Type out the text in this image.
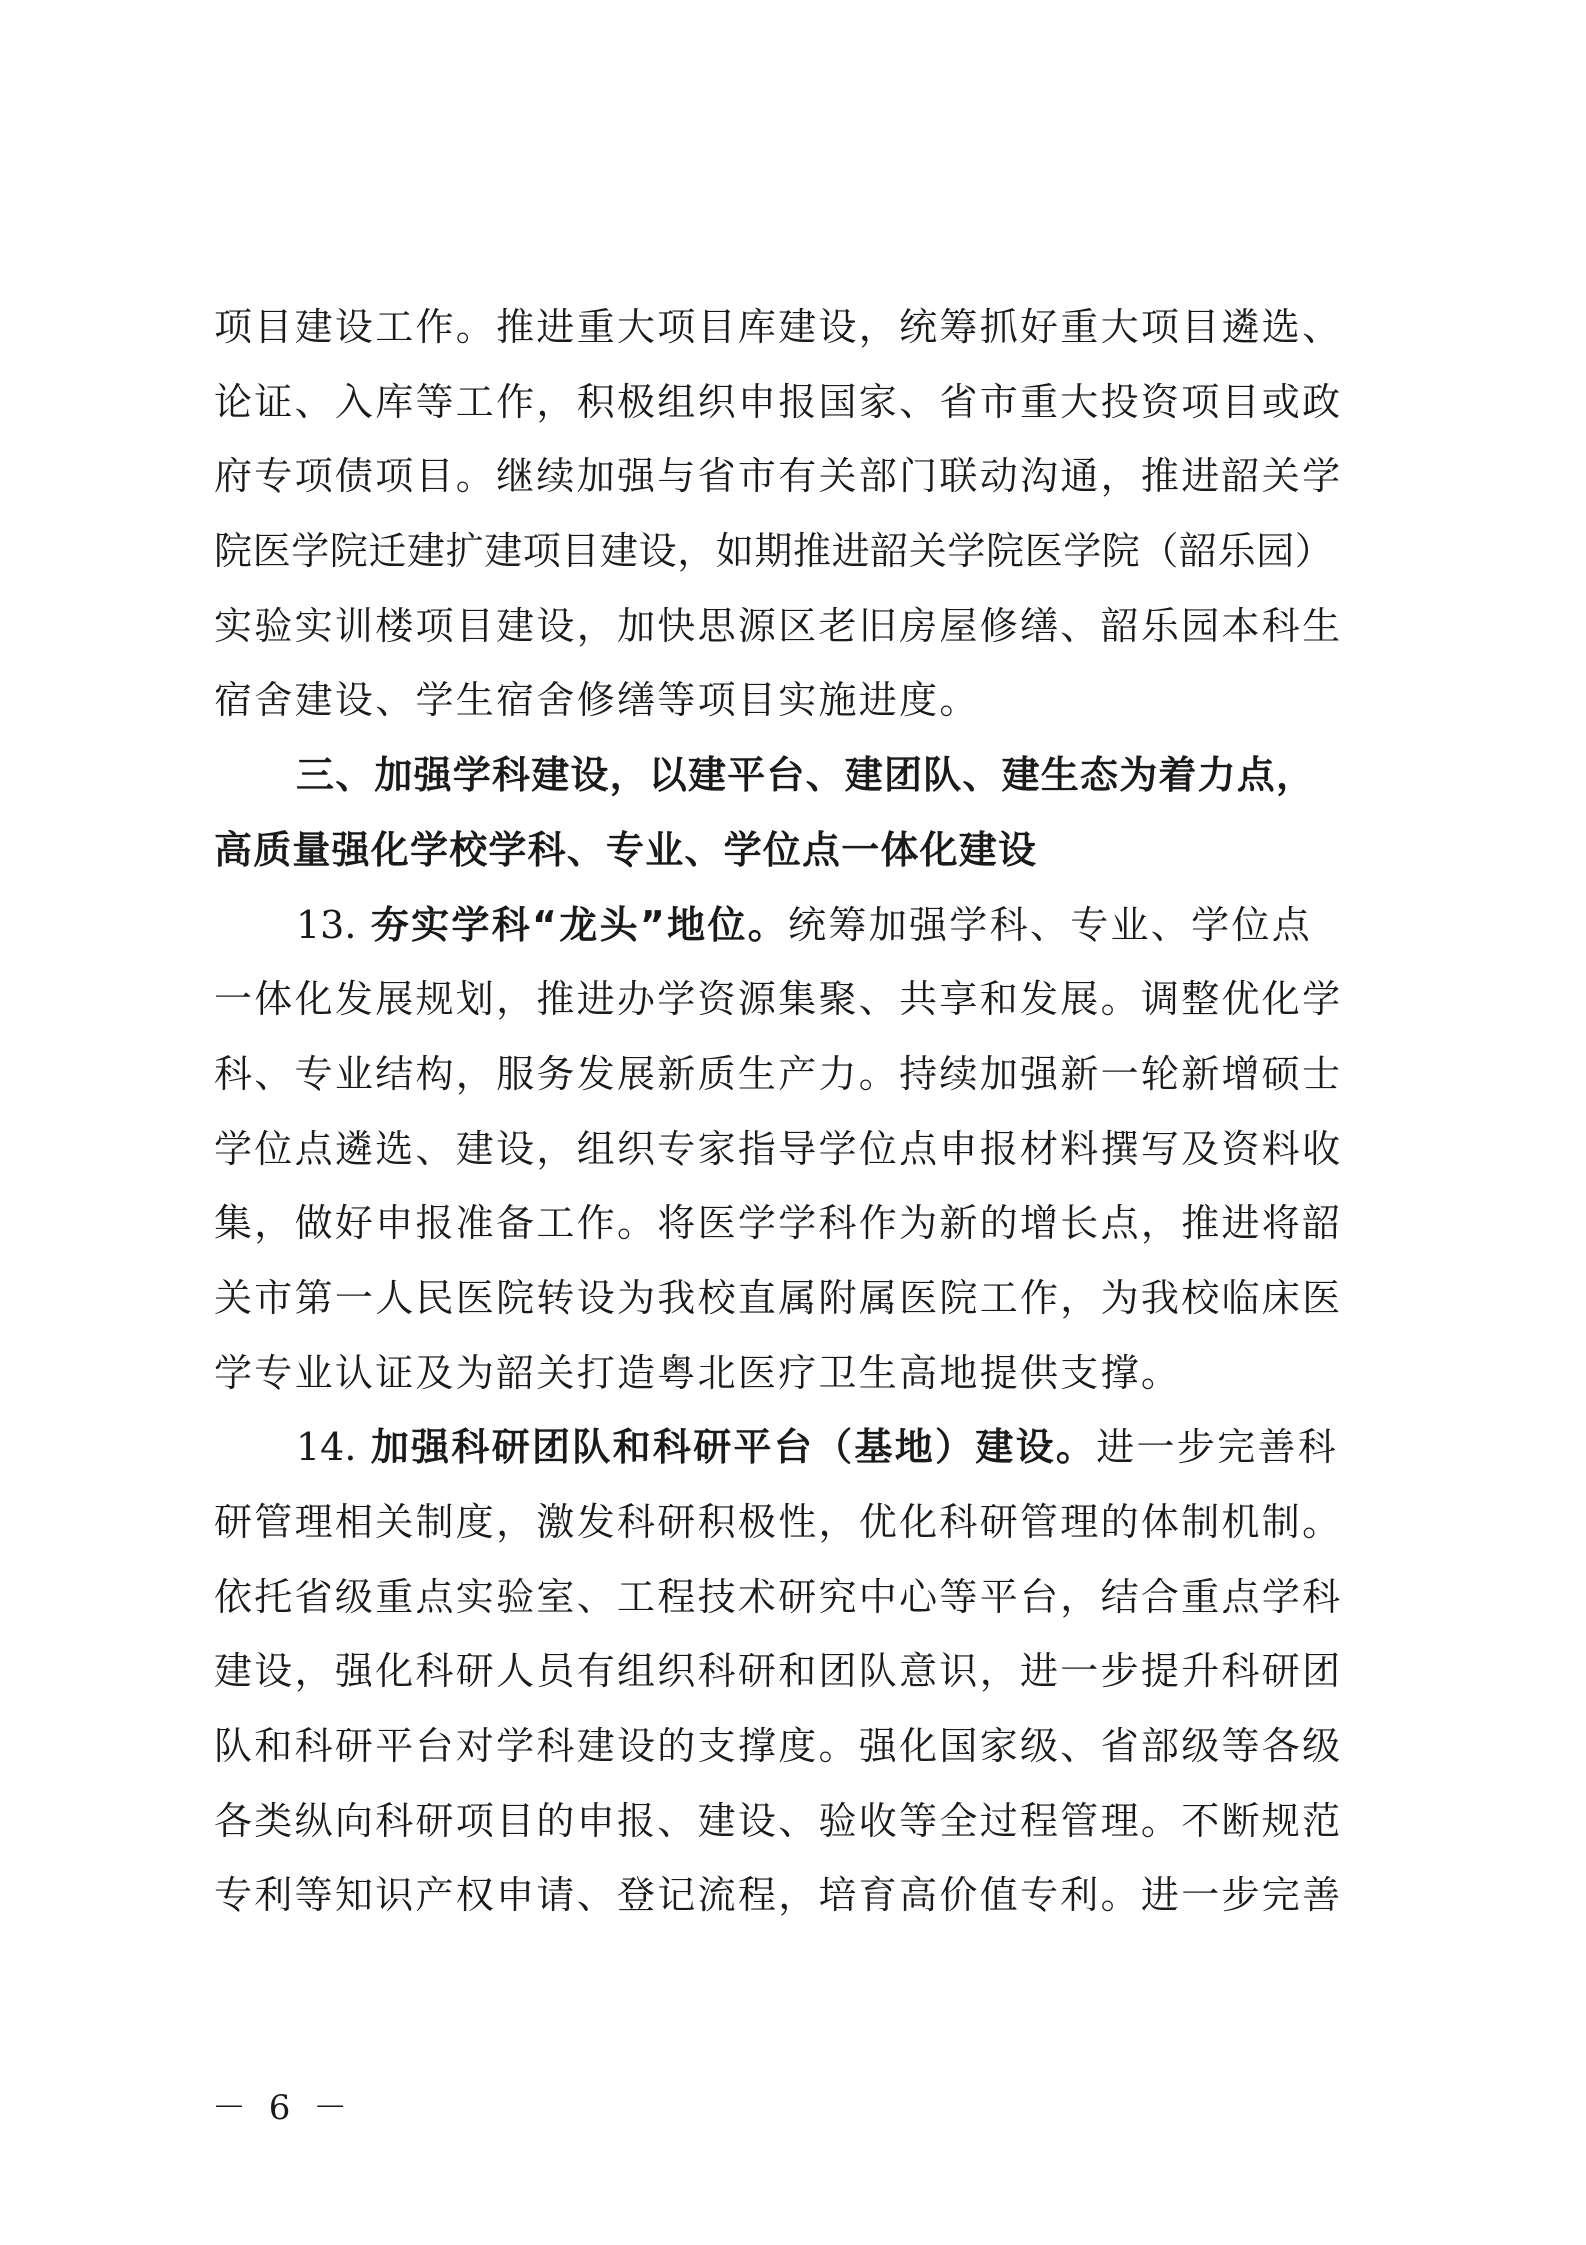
项目建设工作。推进重大项目库建设，统筹抓好重大项目遴选、
论证、入库等工作，积极组织申报国家、省市重大投资项目或政
府专项债项目。继续加强与省市有关部门联动沟通，推进韶关学
院医学院迁建扩建项目建设，如期推进韶关学院医学院（韶乐园）
实验实训楼项目建设，加快思源区老旧房屋修缮、韶乐园本科生
宿舍建设、学生宿舍修缮等项目实施进度。
三、加强学科建设，以建平台、建团队、建生态为着力点，
高质量强化学校学科、专业、学位点一体化建设
13. 夯实学科“龙头”地位。统筹加强学科、专业、学位点
一体化发展规划，推进办学资源集聚、共享和发展。调整优化学
科、专业结构，服务发展新质生产力。持续加强新一轮新增硕士
学位点遴选、建设，组织专家指导学位点申报材料撰写及资料收
集，做好申报准备工作。将医学学科作为新的增长点，推进将韶
关市第一人民医院转设为我校直属附属医院工作，为我校临床医
学专业认证及为韶关打造粤北医疗卫生高地提供支撑。
14. 加强科研团队和科研平台（基地）建设。进一步完善科
研管理相关制度，激发科研积极性，优化科研管理的体制机制。
依托省级重点实验室、工程技术研究中心等平台，结合重点学科
建设，强化科研人员有组织科研和团队意识，进一步提升科研团
队和科研平台对学科建设的支撑度。强化国家级、省部级等各级
各类纵向科研项目的申报、建设、验收等全过程管理。不断规范
专利等知识产权申请、登记流程，培育高价值专利。进一步完善
－ 6 －
